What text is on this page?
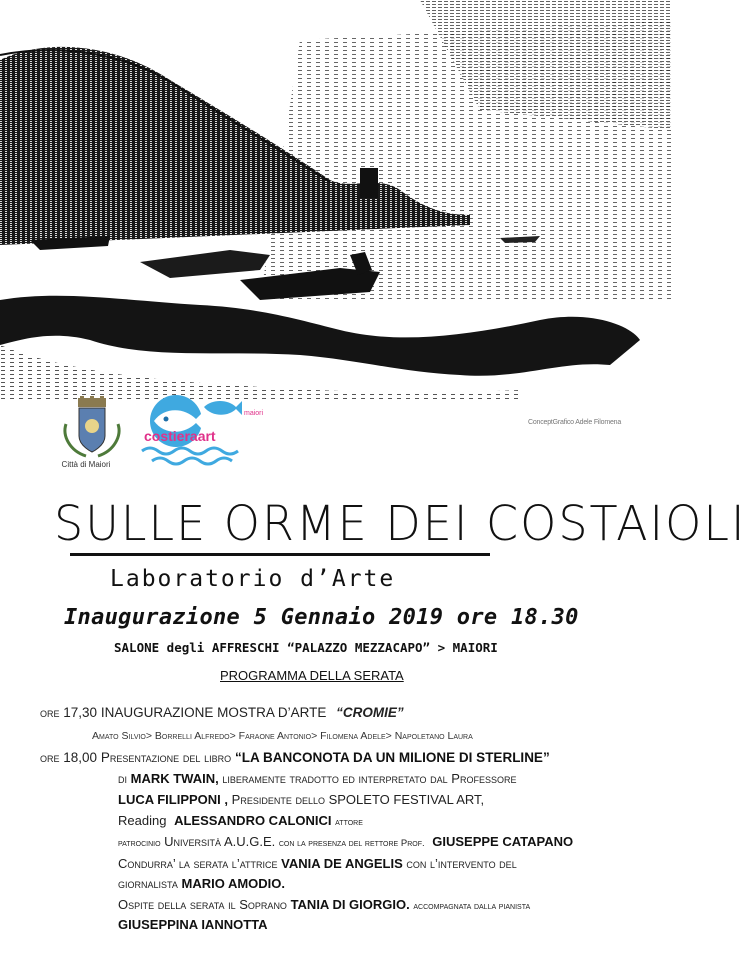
Città di Maiori
maiori
costieraart
ConceptGrafico Adele Filomena
SULLE ORME DEI COSTAIOLI
Laboratorio d’Arte
Inaugurazione 5 Gennaio 2019 ore 18.30
SALONE degli AFFRESCHI “PALAZZO MEZZACAPO” > MAIORI
PROGRAMMA DELLA SERATA
ore 17,30 INAUGURAZIONE MOSTRA D’ARTE “CROMIE”
Amato Silvio> Borrelli Alfredo> Faraone Antonio> Filomena Adele> Napoletano Laura
ore 18,00 Presentazione del libro “LA BANCONOTA DA UN MILIONE DI STERLINE”
di MARK TWAIN, liberamente tradotto ed interpretato dal Professore
LUCA FILIPPONI , Presidente dello SPOLETO FESTIVAL ART,
Reading ALESSANDRO CALONICI attore
patrocinio Università A.U.G.E. con la presenza del rettore Prof. GIUSEPPE CATAPANO
Condurra’ la serata l’attrice VANIA DE ANGELIS con l’intervento del
giornalista MARIO AMODIO.
Ospite della serata il Soprano TANIA DI GIORGIO. accompagnata dalla pianista
GIUSEPPINA IANNOTTA
